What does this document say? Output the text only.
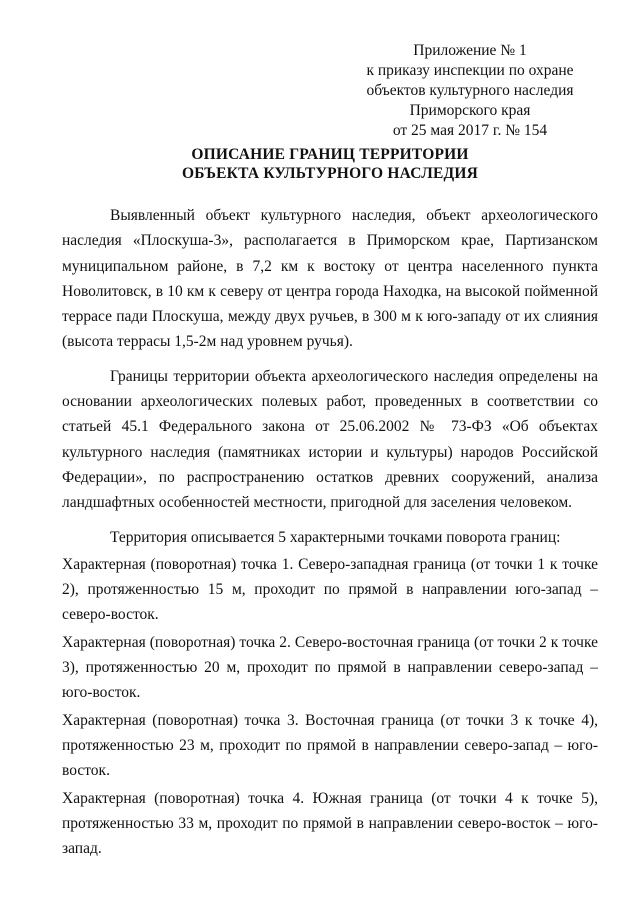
Приложение № 1
к приказу инспекции по охране
объектов культурного наследия
Приморского края
от 25 мая 2017 г. № 154
ОПИСАНИЕ ГРАНИЦ ТЕРРИТОРИИ
ОБЪЕКТА КУЛЬТУРНОГО НАСЛЕДИЯ

Выявленный объект культурного наследия, объект археологического наследия «Плоскуша-3», располагается в Приморском крае, Партизанском муниципальном районе, в 7,2 км к востоку от центра населенного пункта Новолитовск, в 10 км к северу от центра города Находка, на высокой пойменной террасе пади Плоскуша, между двух ручьев, в 300 м к юго-западу от их слияния (высота террасы 1,5-2м над уровнем ручья).

Границы территории объекта археологического наследия определены на основании археологических полевых работ, проведенных в соответствии со статьей 45.1 Федерального закона от 25.06.2002 № 73-ФЗ «Об объектах культурного наследия (памятниках истории и культуры) народов Российской Федерации», по распространению остатков древних сооружений, анализа ландшафтных особенностей местности, пригодной для заселения человеком.

Территория описывается 5 характерными точками поворота границ:

Характерная (поворотная) точка 1. Северо-западная граница (от точки 1 к точке 2), протяженностью 15 м, проходит по прямой в направлении юго-запад – северо-восток.

Характерная (поворотная) точка 2. Северо-восточная граница (от точки 2 к точке 3), протяженностью 20 м, проходит по прямой в направлении северо-запад – юго-восток.

Характерная (поворотная) точка 3. Восточная граница (от точки 3 к точке 4), протяженностью 23 м, проходит по прямой в направлении северо-запад – юго-восток.

Характерная (поворотная) точка 4. Южная граница (от точки 4 к точке 5), протяженностью 33 м, проходит по прямой в направлении северо-восток – юго-запад.
